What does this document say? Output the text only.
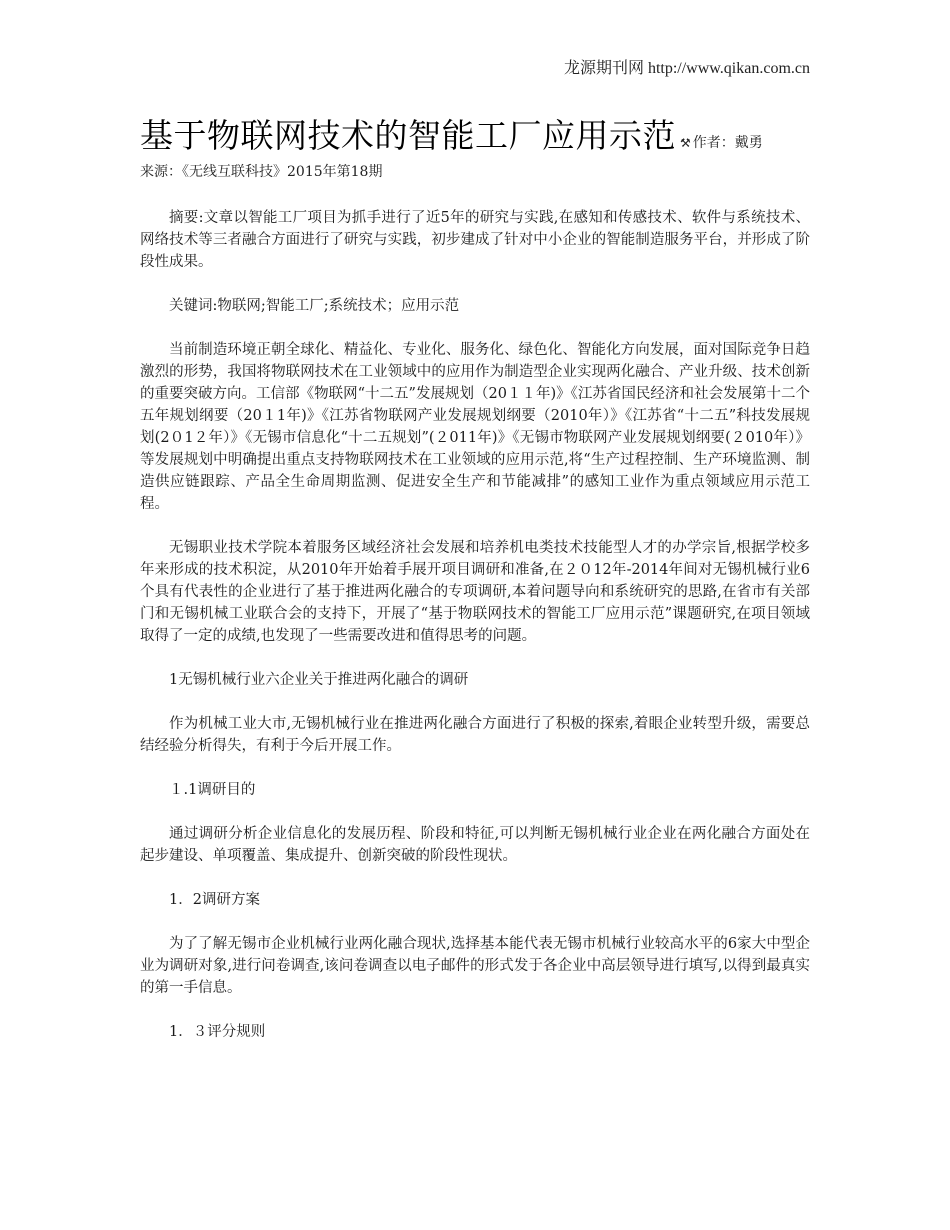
龙源期刊网 http://www.qikan.com.cn
基于物联网技术的智能工厂应用示范 ⚒ 作者：戴勇
来源：《无线互联科技》2015年第18期

摘要:文章以智能工厂项目为抓手进行了近5年的研究与实践,在感知和传感技术、软件与系统技术、网络技术等三者融合方面进行了研究与实践，初步建成了针对中小企业的智能制造服务平台，并形成了阶段性成果。

关键词:物联网;智能工厂;系统技术；应用示范

当前制造环境正朝全球化、精益化、专业化、服务化、绿色化、智能化方向发展，面对国际竞争日趋激烈的形势，我国将物联网技术在工业领域中的应用作为制造型企业实现两化融合、产业升级、技术创新的重要突破方向。工信部《物联网“十二五”发展规划（20１１年)》《江苏省国民经济和社会发展第十二个五年规划纲要（20１1年)》《江苏省物联网产业发展规划纲要（2010年）》《江苏省“十二五”科技发展规划(2０1２年）》《无锡市信息化“十二五规划”(２011年)》《无锡市物联网产业发展规划纲要(２010年）》等发展规划中明确提出重点支持物联网技术在工业领域的应用示范,将“生产过程控制、生产环境监测、制造供应链跟踪、产品全生命周期监测、促进安全生产和节能减排”的感知工业作为重点领域应用示范工程。

无锡职业技术学院本着服务区域经济社会发展和培养机电类技术技能型人才的办学宗旨,根据学校多年来形成的技术积淀，从2010年开始着手展开项目调研和准备,在２０12年-2014年间对无锡机械行业6个具有代表性的企业进行了基于推进两化融合的专项调研,本着问题导向和系统研究的思路,在省市有关部门和无锡机械工业联合会的支持下，开展了“基于物联网技术的智能工厂应用示范”课题研究,在项目领域取得了一定的成绩,也发现了一些需要改进和值得思考的问题。

1无锡机械行业六企业关于推进两化融合的调研

作为机械工业大市,无锡机械行业在推进两化融合方面进行了积极的探索,着眼企业转型升级，需要总结经验分析得失，有利于今后开展工作。

１.1调研目的

通过调研分析企业信息化的发展历程、阶段和特征,可以判断无锡机械行业企业在两化融合方面处在起步建设、单项覆盖、集成提升、创新突破的阶段性现状。

1．2调研方案

为了了解无锡市企业机械行业两化融合现状,选择基本能代表无锡市机械行业较高水平的6家大中型企业为调研对象,进行问卷调查,该问卷调查以电子邮件的形式发于各企业中高层领导进行填写,以得到最真实的第一手信息。

1．３评分规则
